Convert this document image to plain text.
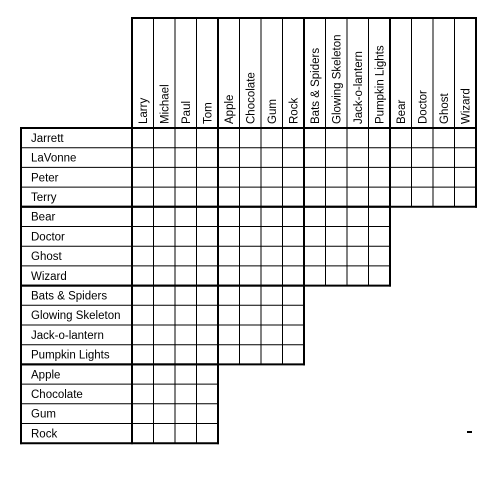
Larry Michael Paul Tom Apple Chocolate Gum Rock Bats & Spiders Glowing Skeleton Jack-o-lantern Pumpkin Lights Bear Doctor Ghost Wizard
Jarrett
LaVonne
Peter
Terry
Bear
Doctor
Ghost
Wizard
Bats & Spiders
Glowing Skeleton
Jack-o-lantern
Pumpkin Lights
Apple
Chocolate
Gum
Rock
